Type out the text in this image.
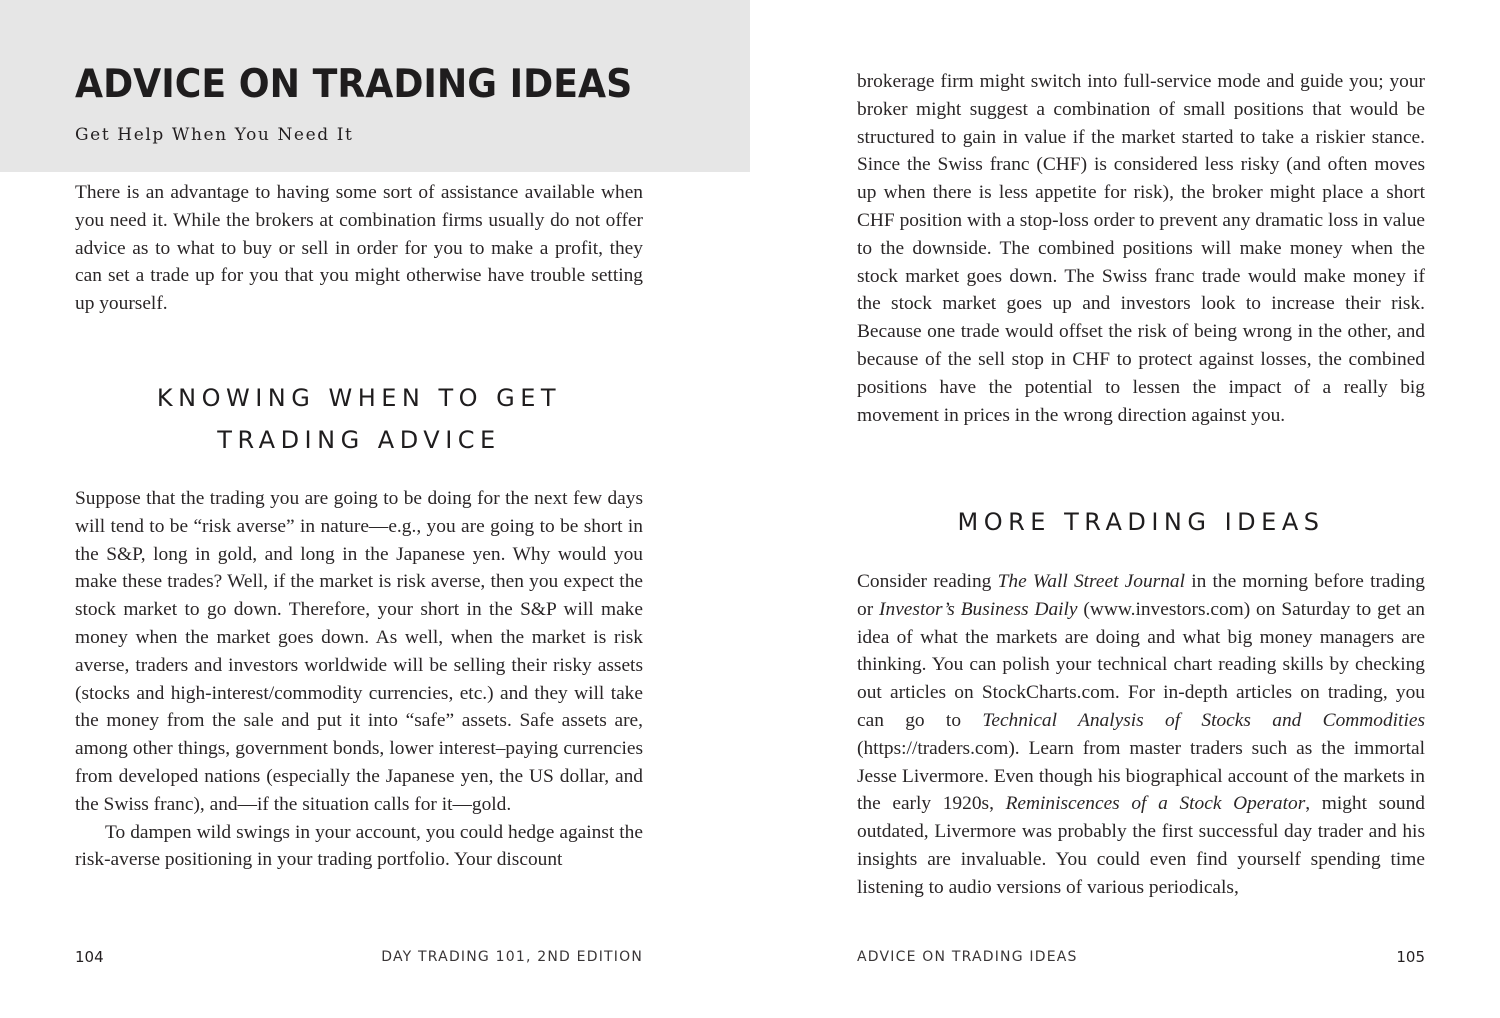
ADVICE ON TRADING IDEAS
Get Help When You Need It

There is an advantage to having some sort of assistance available when you need it. While the brokers at combination firms usually do not offer advice as to what to buy or sell in order for you to make a profit, they can set a trade up for you that you might otherwise have trouble setting up yourself.

KNOWING WHEN TO GET
TRADING ADVICE

Suppose that the trading you are going to be doing for the next few days will tend to be “risk averse” in nature—e.g., you are going to be short in the S&P, long in gold, and long in the Japanese yen. Why would you make these trades? Well, if the market is risk averse, then you expect the stock market to go down. Therefore, your short in the S&P will make money when the market goes down. As well, when the market is risk averse, traders and investors worldwide will be selling their risky assets (stocks and high-interest/commodity currencies, etc.) and they will take the money from the sale and put it into “safe” assets. Safe assets are, among other things, government bonds, lower interest–paying currencies from developed nations (especially the Japanese yen, the US dollar, and the Swiss franc), and—if the situation calls for it—gold.

To dampen wild swings in your account, you could hedge against the risk-averse positioning in your trading portfolio. Your discount

104	DAY TRADING 101, 2ND EDITION

brokerage firm might switch into full-service mode and guide you; your broker might suggest a combination of small positions that would be structured to gain in value if the market started to take a riskier stance. Since the Swiss franc (CHF) is considered less risky (and often moves up when there is less appetite for risk), the broker might place a short CHF position with a stop-loss order to prevent any dramatic loss in value to the downside. The combined positions will make money when the stock market goes down. The Swiss franc trade would make money if the stock market goes up and investors look to increase their risk. Because one trade would offset the risk of being wrong in the other, and because of the sell stop in CHF to protect against losses, the combined positions have the potential to lessen the impact of a really big movement in prices in the wrong direction against you.

MORE TRADING IDEAS

Consider reading The Wall Street Journal in the morning before trading or Investor’s Business Daily (www.investors.com) on Saturday to get an idea of what the markets are doing and what big money managers are thinking. You can polish your technical chart reading skills by checking out articles on StockCharts.com. For in-depth articles on trading, you can go to Technical Analysis of Stocks and Commodities (https://traders.com). Learn from master traders such as the immortal Jesse Livermore. Even though his biographical account of the markets in the early 1920s, Reminiscences of a Stock Operator, might sound outdated, Livermore was probably the first successful day trader and his insights are invaluable. You could even find yourself spending time listening to audio versions of various periodicals,

ADVICE ON TRADING IDEAS	105
